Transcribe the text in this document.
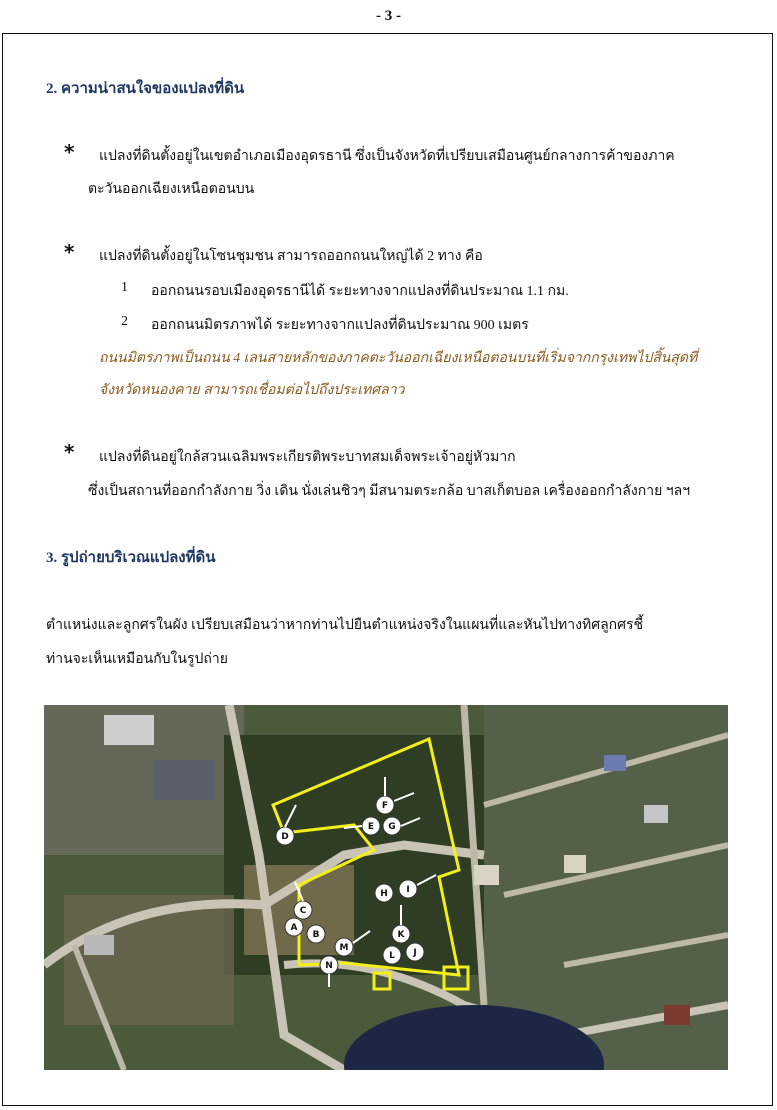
- 3 -
2. ความน่าสนใจของแปลงที่ดิน
* แปลงที่ดินตั้งอยู่ในเขตอำเภอเมืองอุดรธานี ซึ่งเป็นจังหวัดที่เปรียบเสมือนศูนย์กลางการค้าของภาค
ตะวันออกเฉียงเหนือตอนบน
* แปลงที่ดินตั้งอยู่ในโซนชุมชน สามารถออกถนนใหญ่ได้ 2 ทาง คือ
1 ออกถนนรอบเมืองอุดรธานีได้ ระยะทางจากแปลงที่ดินประมาณ 1.1 กม.
2 ออกถนนมิตรภาพได้ ระยะทางจากแปลงที่ดินประมาณ 900 เมตร
ถนนมิตรภาพเป็นถนน 4 เลนสายหลักของภาคตะวันออกเฉียงเหนือตอนบนที่เริ่มจากกรุงเทพไปสิ้นสุดที่
จังหวัดหนองคาย สามารถเชื่อมต่อไปถึงประเทศลาว
* แปลงที่ดินอยู่ใกล้สวนเฉลิมพระเกียรติพระบาทสมเด็จพระเจ้าอยู่หัวมาก
ซึ่งเป็นสถานที่ออกกำลังกาย วิ่ง เดิน นั่งเล่นชิวๆ มีสนามตระกล้อ บาสเก็ตบอล เครื่องออกกำลังกาย ฯลฯ
3. รูปถ่ายบริเวณแปลงที่ดิน
ตำแหน่งและลูกศรในผัง เปรียบเสมือนว่าหากท่านไปยืนตำแหน่งจริงในแผนที่และหันไปทางทิศลูกศรชี้
ท่านจะเห็นเหมือนกับในรูปถ่าย
D
F
E G
H I
C
A
B
M
K
L J
N
